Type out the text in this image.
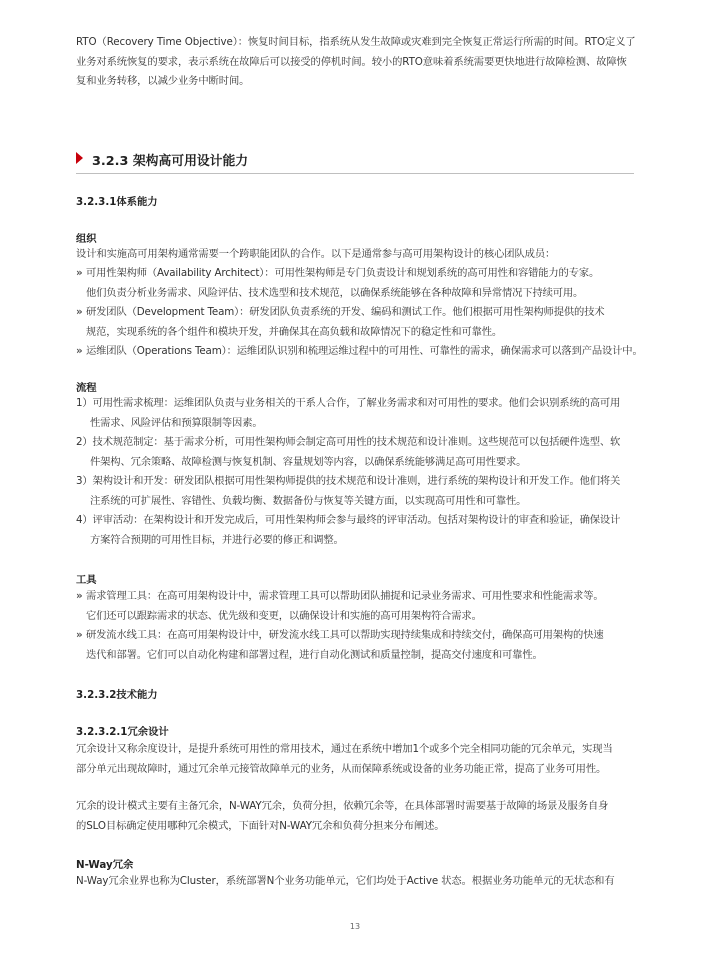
RTO（Recovery Time Objective）：恢复时间目标，指系统从发生故障或灾难到完全恢复正常运行所需的时间。RTO定义了业务对系统恢复的要求，表示系统在故障后可以接受的停机时间。较小的RTO意味着系统需要更快地进行故障检测、故障恢复和业务转移，以减少业务中断时间。
3.2.3 架构高可用设计能力
3.2.3.1体系能力
组织
设计和实施高可用架构通常需要一个跨职能团队的合作。以下是通常参与高可用架构设计的核心团队成员：
» 可用性架构师（Availability Architect）：可用性架构师是专门负责设计和规划系统的高可用性和容错能力的专家。
他们负责分析业务需求、风险评估、技术选型和技术规范，以确保系统能够在各种故障和异常情况下持续可用。
» 研发团队（Development Team）：研发团队负责系统的开发、编码和测试工作。他们根据可用性架构师提供的技术
规范，实现系统的各个组件和模块开发，并确保其在高负载和故障情况下的稳定性和可靠性。
» 运维团队（Operations Team）：运维团队识别和梳理运维过程中的可用性、可靠性的需求，确保需求可以落到产品设计中。
流程
1）可用性需求梳理：运维团队负责与业务相关的干系人合作，了解业务需求和对可用性的要求。他们会识别系统的高可用
性需求、风险评估和预算限制等因素。
2）技术规范制定：基于需求分析，可用性架构师会制定高可用性的技术规范和设计准则。这些规范可以包括硬件选型、软
件架构、冗余策略、故障检测与恢复机制、容量规划等内容，以确保系统能够满足高可用性要求。
3）架构设计和开发：研发团队根据可用性架构师提供的技术规范和设计准则，进行系统的架构设计和开发工作。他们将关
注系统的可扩展性、容错性、负载均衡、数据备份与恢复等关键方面，以实现高可用性和可靠性。
4）评审活动：在架构设计和开发完成后，可用性架构师会参与最终的评审活动。包括对架构设计的审查和验证，确保设计
方案符合预期的可用性目标，并进行必要的修正和调整。
工具
» 需求管理工具：在高可用架构设计中，需求管理工具可以帮助团队捕捉和记录业务需求、可用性要求和性能需求等。
它们还可以跟踪需求的状态、优先级和变更，以确保设计和实施的高可用架构符合需求。
» 研发流水线工具：在高可用架构设计中，研发流水线工具可以帮助实现持续集成和持续交付，确保高可用架构的快速
迭代和部署。它们可以自动化构建和部署过程，进行自动化测试和质量控制，提高交付速度和可靠性。
3.2.3.2技术能力
3.2.3.2.1冗余设计
冗余设计又称余度设计，是提升系统可用性的常用技术，通过在系统中增加1个或多个完全相同功能的冗余单元，实现当
部分单元出现故障时，通过冗余单元接管故障单元的业务，从而保障系统或设备的业务功能正常，提高了业务可用性。
冗余的设计模式主要有主备冗余，N-WAY冗余，负荷分担，依赖冗余等，在具体部署时需要基于故障的场景及服务自身
的SLO目标确定使用哪种冗余模式，下面针对N-WAY冗余和负荷分担来分布阐述。
N-Way冗余
N-Way冗余业界也称为Cluster，系统部署N个业务功能单元，它们均处于Active 状态。根据业务功能单元的无状态和有
13
